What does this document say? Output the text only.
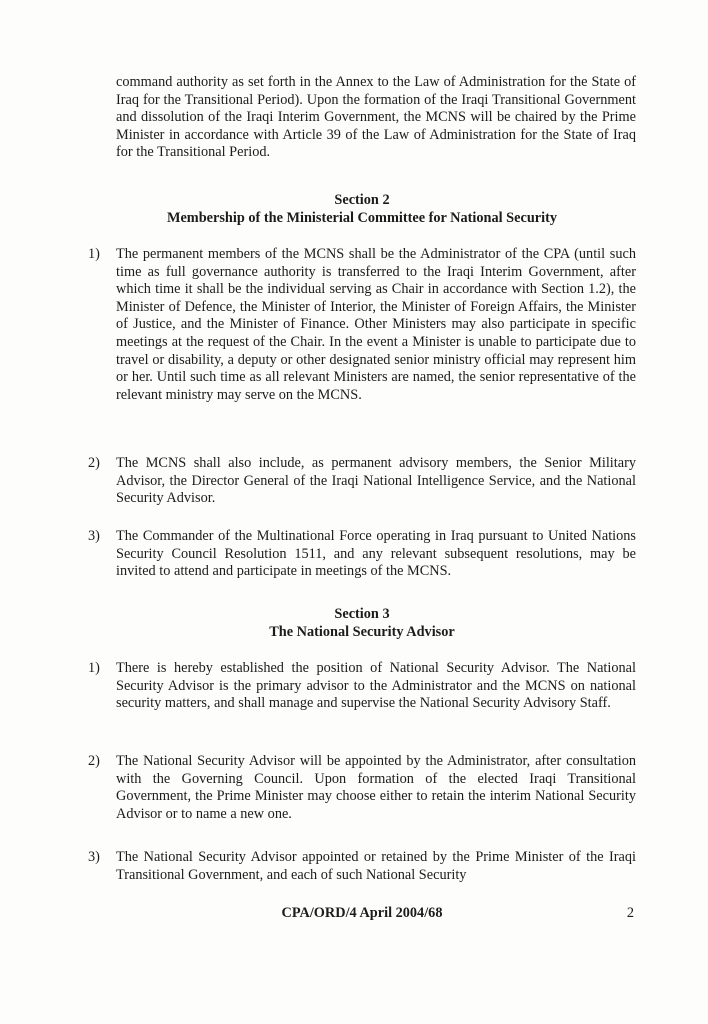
command authority as set forth in the Annex to the Law of Administration for the State of Iraq for the Transitional Period). Upon the formation of the Iraqi Transitional Government and dissolution of the Iraqi Interim Government, the MCNS will be chaired by the Prime Minister in accordance with Article 39 of the Law of Administration for the State of Iraq for the Transitional Period.

Section 2
Membership of the Ministerial Committee for National Security
1)	The permanent members of the MCNS shall be the Administrator of the CPA (until such time as full governance authority is transferred to the Iraqi Interim Government, after which time it shall be the individual serving as Chair in accordance with Section 1.2), the Minister of Defence, the Minister of Interior, the Minister of Foreign Affairs, the Minister of Justice, and the Minister of Finance. Other Ministers may also participate in specific meetings at the request of the Chair. In the event a Minister is unable to participate due to travel or disability, a deputy or other designated senior ministry official may represent him or her. Until such time as all relevant Ministers are named, the senior representative of the relevant ministry may serve on the MCNS.
2)	The MCNS shall also include, as permanent advisory members, the Senior Military Advisor, the Director General of the Iraqi National Intelligence Service, and the National Security Advisor.
3)	The Commander of the Multinational Force operating in Iraq pursuant to United Nations Security Council Resolution 1511, and any relevant subsequent resolutions, may be invited to attend and participate in meetings of the MCNS.
Section 3
The National Security Advisor
1)	There is hereby established the position of National Security Advisor. The National Security Advisor is the primary advisor to the Administrator and the MCNS on national security matters, and shall manage and supervise the National Security Advisory Staff.
2)	The National Security Advisor will be appointed by the Administrator, after consultation with the Governing Council. Upon formation of the elected Iraqi Transitional Government, the Prime Minister may choose either to retain the interim National Security Advisor or to name a new one.
3)	The National Security Advisor appointed or retained by the Prime Minister of the Iraqi Transitional Government, and each of such National Security
CPA/ORD/4 April 2004/68	2
